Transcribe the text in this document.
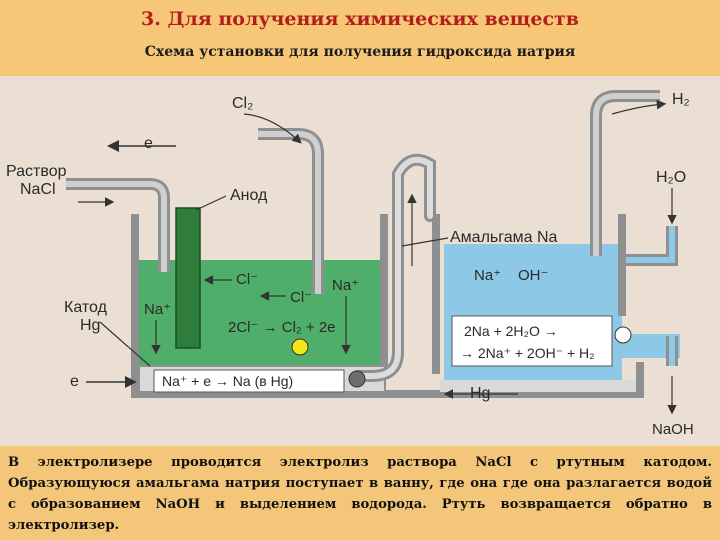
3. Для получения химических веществ
Схема установки для получения гидроксида натрия
Na⁺ + e → Na (в Hg)
2Na + 2H₂O →
→ 2Na⁺ + 2OH⁻ + H₂
Cl₂	H₂
H₂O
e
e
Раствор
NaCl	Анод
Катод
Hg
Амальгама Na
Cl⁻
Cl⁻
Na⁺
Na⁺
2Cl⁻ → Cl₂ + 2e
Na⁺ OH⁻
Hg
NaOH
В электролизере проводится электролиз раствора NaCl с ртутным катодом. Образующуюся амальгама натрия поступает в ванну, где она где она разлагается водой с образованием NaOH и выделением водорода. Ртуть возвращается обратно в электролизер.
